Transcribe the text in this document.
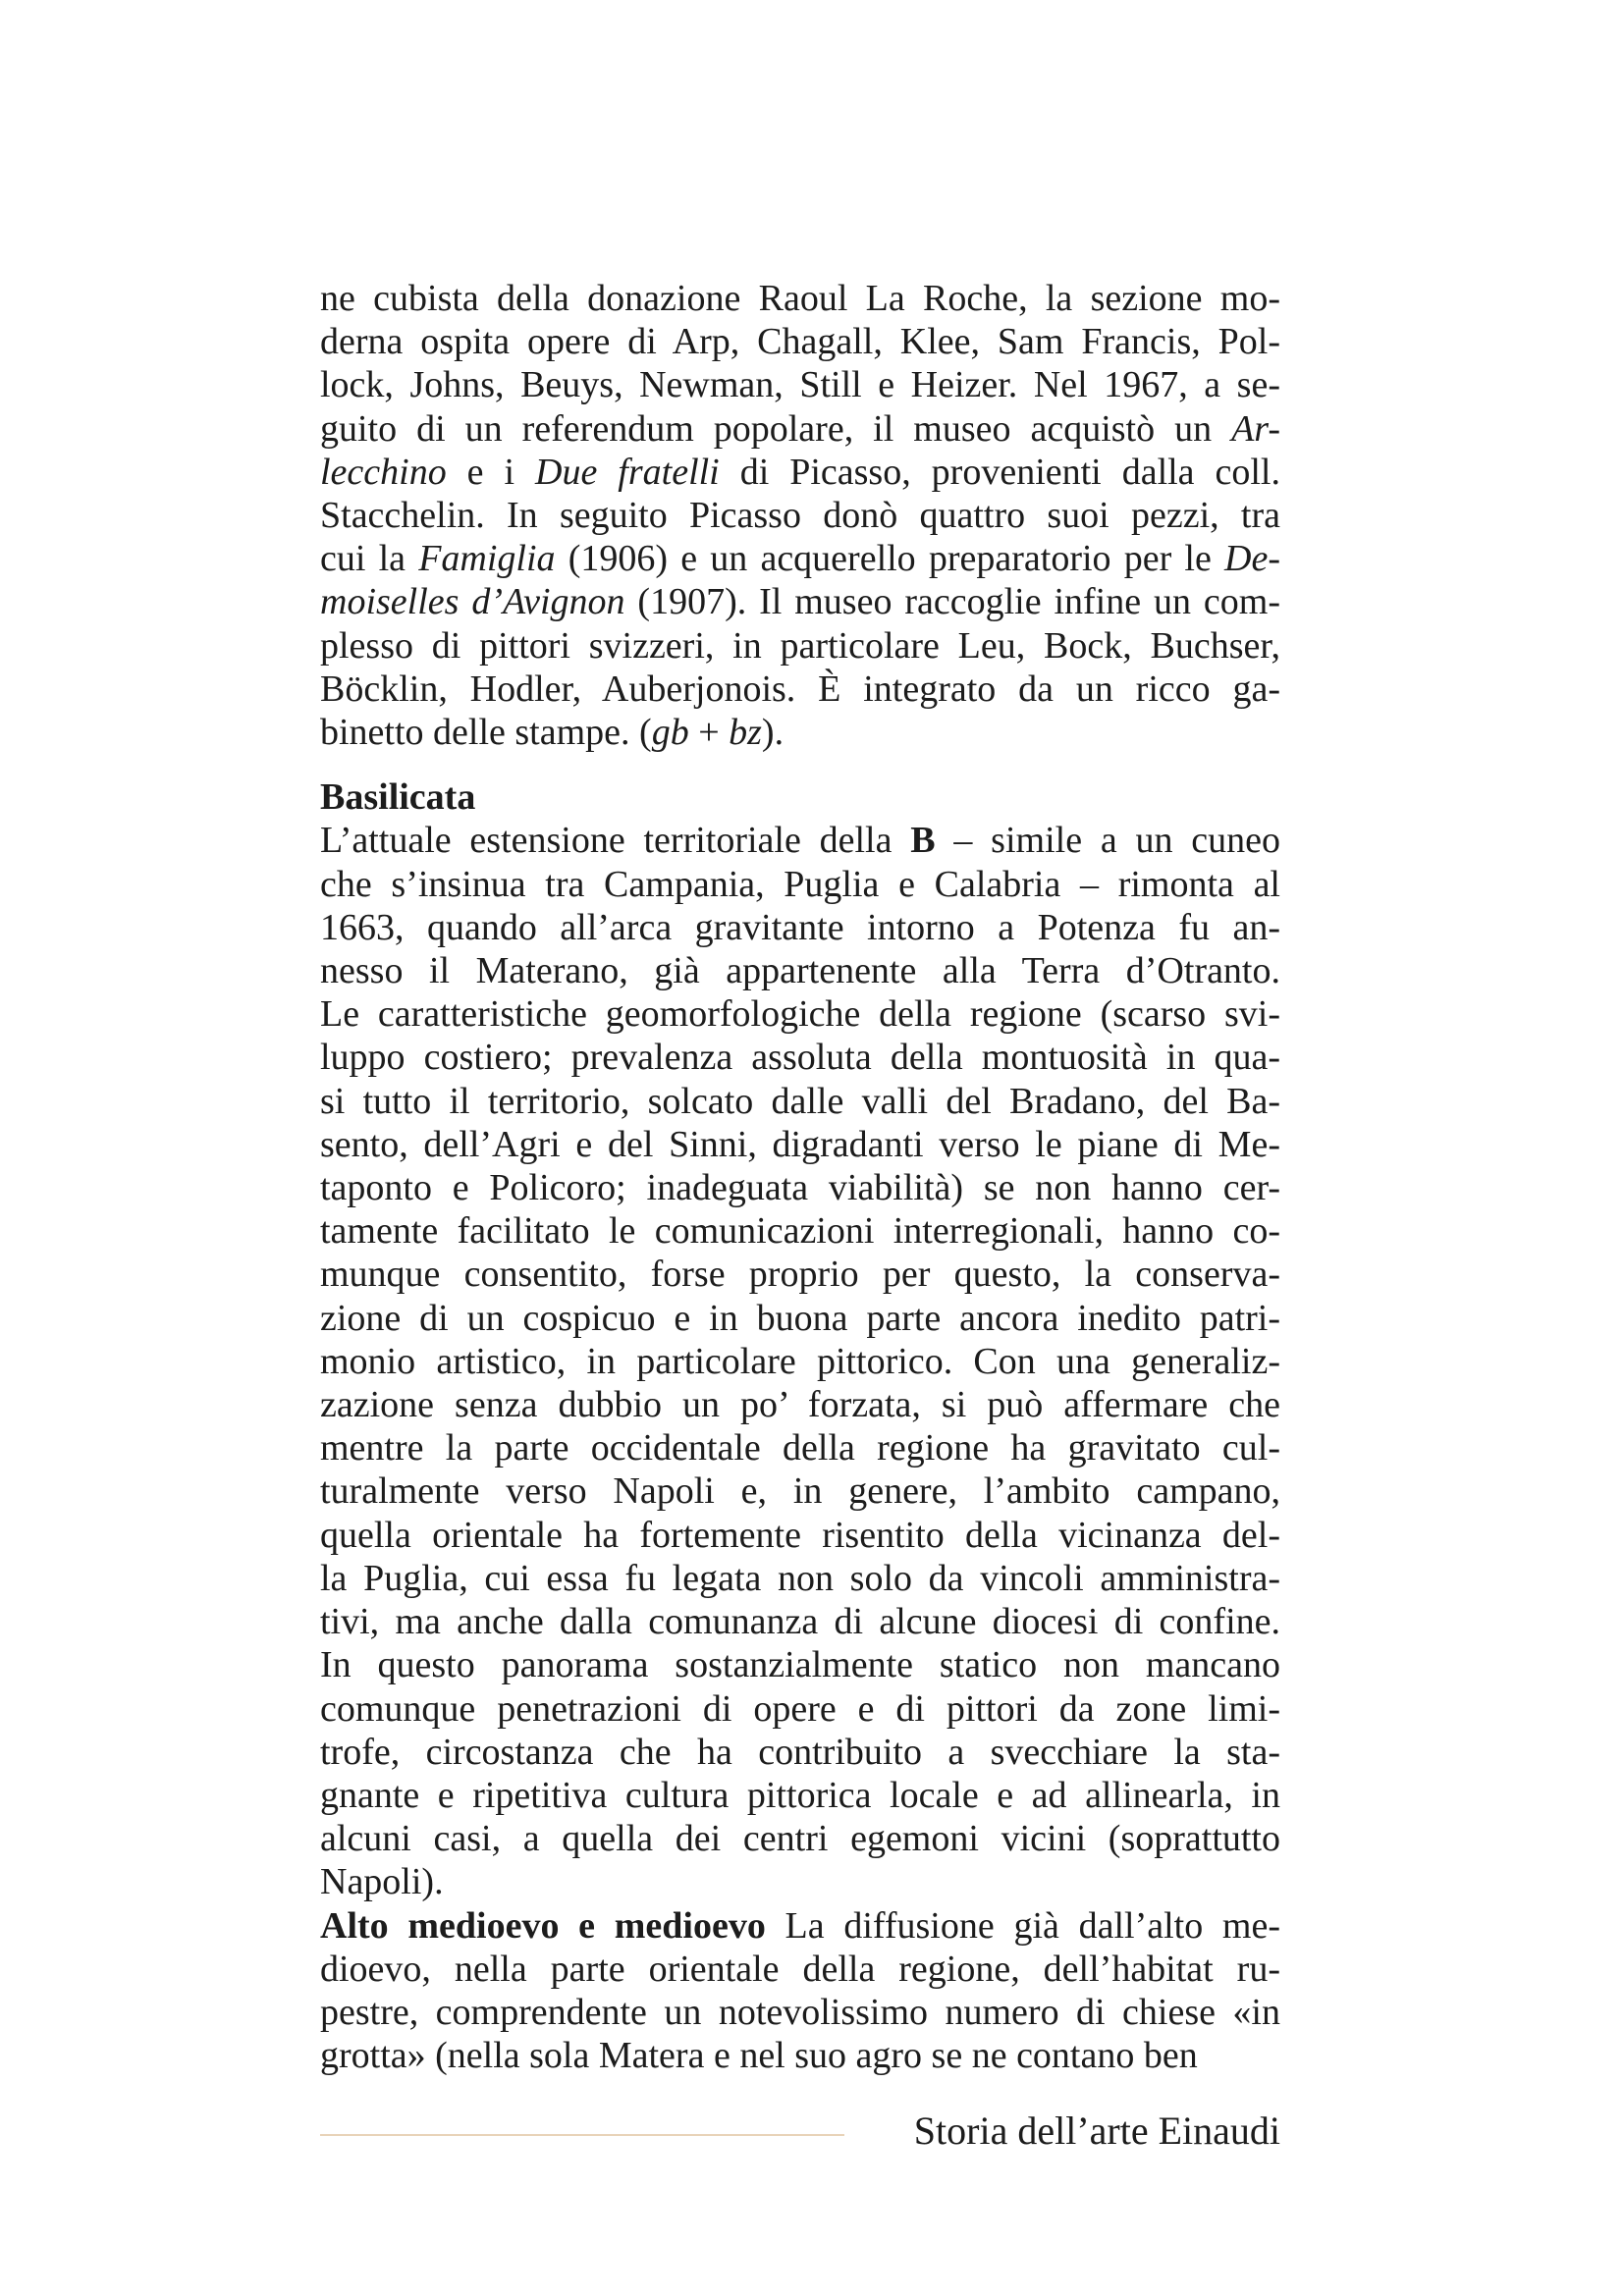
ne cubista della donazione Raoul La Roche, la sezione mo-
derna ospita opere di Arp, Chagall, Klee, Sam Francis, Pol-
lock, Johns, Beuys, Newman, Still e Heizer. Nel 1967, a se-
guito di un referendum popolare, il museo acquistò un Ar-
lecchino e i Due fratelli di Picasso, provenienti dalla coll.
Stacchelin. In seguito Picasso donò quattro suoi pezzi, tra
cui la Famiglia (1906) e un acquerello preparatorio per le De-
moiselles d’Avignon (1907). Il museo raccoglie infine un com-
plesso di pittori svizzeri, in particolare Leu, Bock, Buchser,
Böcklin, Hodler, Auberjonois. È integrato da un ricco ga-
binetto delle stampe. (gb + bz).
Basilicata
L’attuale estensione territoriale della B – simile a un cuneo
che s’insinua tra Campania, Puglia e Calabria – rimonta al
1663, quando all’arca gravitante intorno a Potenza fu an-
nesso il Materano, già appartenente alla Terra d’Otranto.
Le caratteristiche geomorfologiche della regione (scarso svi-
luppo costiero; prevalenza assoluta della montuosità in qua-
si tutto il territorio, solcato dalle valli del Bradano, del Ba-
sento, dell’Agri e del Sinni, digradanti verso le piane di Me-
taponto e Policoro; inadeguata viabilità) se non hanno cer-
tamente facilitato le comunicazioni interregionali, hanno co-
munque consentito, forse proprio per questo, la conserva-
zione di un cospicuo e in buona parte ancora inedito patri-
monio artistico, in particolare pittorico. Con una generaliz-
zazione senza dubbio un po’ forzata, si può affermare che
mentre la parte occidentale della regione ha gravitato cul-
turalmente verso Napoli e, in genere, l’ambito campano,
quella orientale ha fortemente risentito della vicinanza del-
la Puglia, cui essa fu legata non solo da vincoli amministra-
tivi, ma anche dalla comunanza di alcune diocesi di confine.
In questo panorama sostanzialmente statico non mancano
comunque penetrazioni di opere e di pittori da zone limi-
trofe, circostanza che ha contribuito a svecchiare la sta-
gnante e ripetitiva cultura pittorica locale e ad allinearla, in
alcuni casi, a quella dei centri egemoni vicini (soprattutto
Napoli).
Alto medioevo e medioevo La diffusione già dall’alto me-
dioevo, nella parte orientale della regione, dell’habitat ru-
pestre, comprendente un notevolissimo numero di chiese «in
grotta» (nella sola Matera e nel suo agro se ne contano ben
Storia dell’arte Einaudi
